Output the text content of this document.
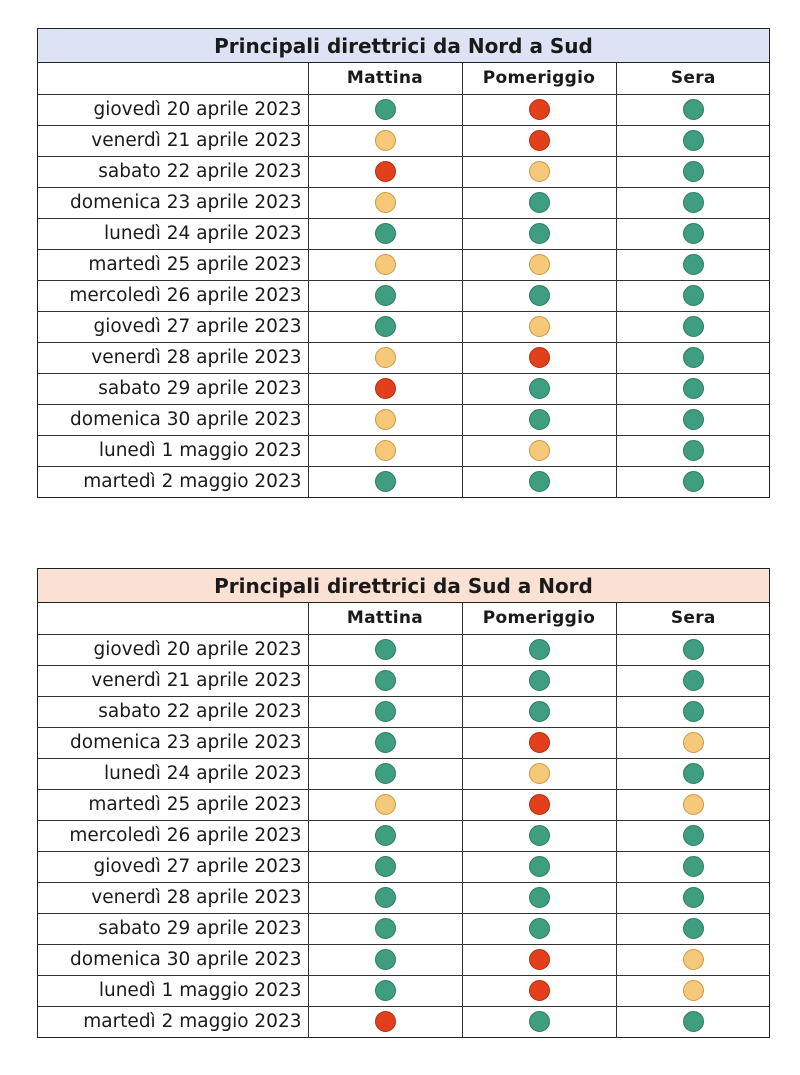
Principali direttrici da Nord a Sud
	Mattina	Pomeriggio	Sera
giovedì 20 aprile 2023			
venerdì 21 aprile 2023			
sabato 22 aprile 2023			
domenica 23 aprile 2023			
lunedì 24 aprile 2023			
martedì 25 aprile 2023			
mercoledì 26 aprile 2023			
giovedì 27 aprile 2023			
venerdì 28 aprile 2023			
sabato 29 aprile 2023			
domenica 30 aprile 2023			
lunedì 1 maggio 2023			
martedì 2 maggio 2023			
Principali direttrici da Sud a Nord
	Mattina	Pomeriggio	Sera
giovedì 20 aprile 2023			
venerdì 21 aprile 2023			
sabato 22 aprile 2023			
domenica 23 aprile 2023			
lunedì 24 aprile 2023			
martedì 25 aprile 2023			
mercoledì 26 aprile 2023			
giovedì 27 aprile 2023			
venerdì 28 aprile 2023			
sabato 29 aprile 2023			
domenica 30 aprile 2023			
lunedì 1 maggio 2023			
martedì 2 maggio 2023			
